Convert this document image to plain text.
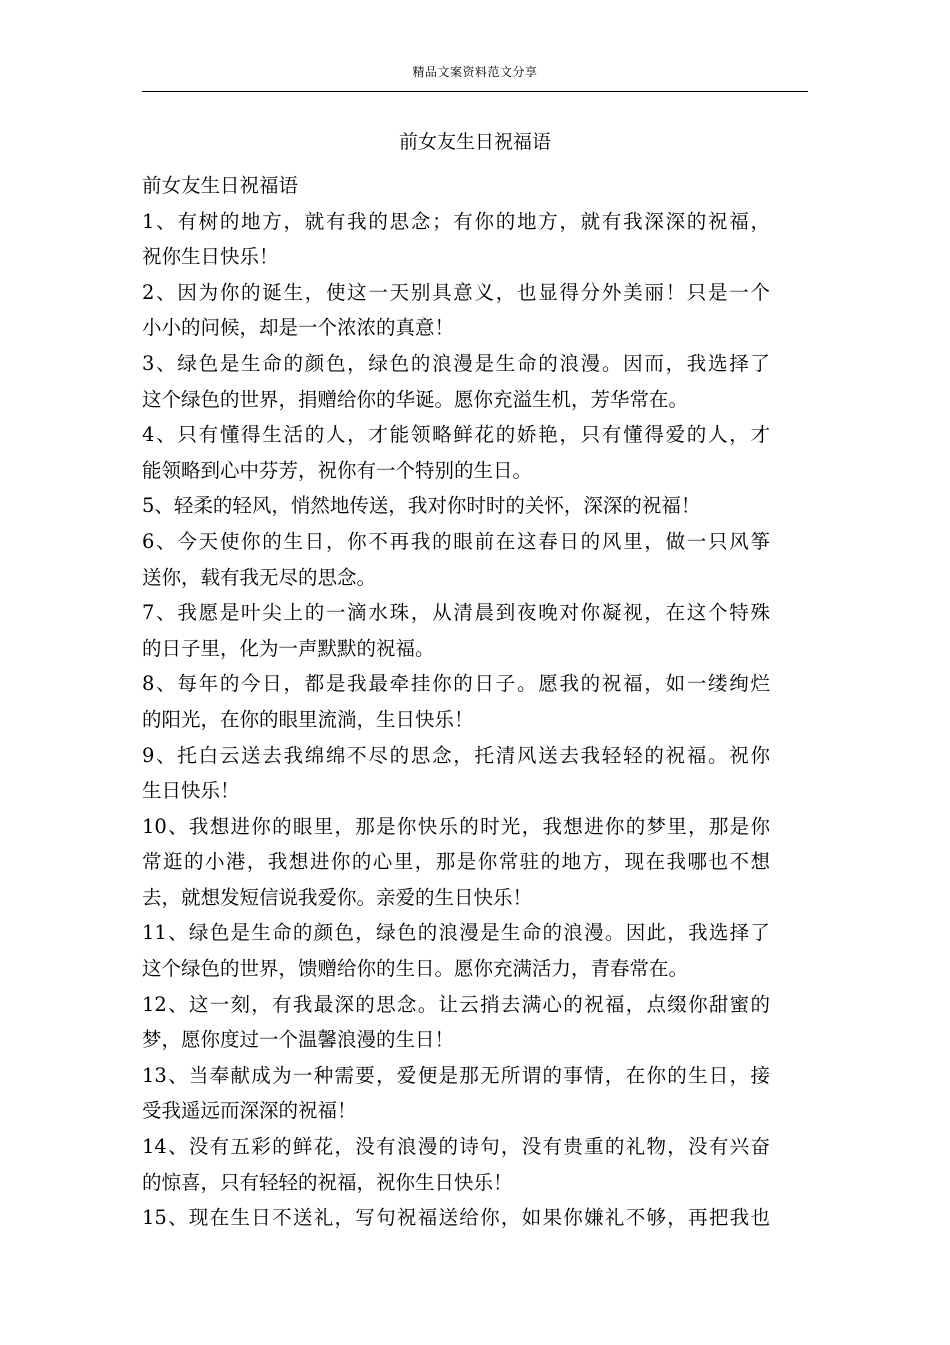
精品文案资料范文分享
前女友生日祝福语
前女友生日祝福语
1、有树的地方，就有我的思念；有你的地方，就有我深深的祝福，
祝你生日快乐！
2、因为你的诞生，使这一天别具意义，也显得分外美丽！只是一个
小小的问候，却是一个浓浓的真意！
3、绿色是生命的颜色，绿色的浪漫是生命的浪漫。因而，我选择了
这个绿色的世界，捐赠给你的华诞。愿你充溢生机，芳华常在。
4、只有懂得生活的人，才能领略鲜花的娇艳，只有懂得爱的人，才
能领略到心中芬芳，祝你有一个特别的生日。
5、轻柔的轻风，悄然地传送，我对你时时的关怀，深深的祝福！
6、今天使你的生日，你不再我的眼前在这春日的风里，做一只风筝
送你，载有我无尽的思念。
7、我愿是叶尖上的一滴水珠，从清晨到夜晚对你凝视，在这个特殊
的日子里，化为一声默默的祝福。
8、每年的今日，都是我最牵挂你的日子。愿我的祝福，如一缕绚烂
的阳光，在你的眼里流淌，生日快乐！
9、托白云送去我绵绵不尽的思念，托清风送去我轻轻的祝福。祝你
生日快乐！
10、我想进你的眼里，那是你快乐的时光，我想进你的梦里，那是你
常逛的小港，我想进你的心里，那是你常驻的地方，现在我哪也不想
去，就想发短信说我爱你。亲爱的生日快乐！
11、绿色是生命的颜色，绿色的浪漫是生命的浪漫。因此，我选择了
这个绿色的世界，馈赠给你的生日。愿你充满活力，青春常在。
12、这一刻，有我最深的思念。让云捎去满心的祝福，点缀你甜蜜的
梦，愿你度过一个温馨浪漫的生日！
13、当奉献成为一种需要，爱便是那无所谓的事情，在你的生日，接
受我遥远而深深的祝福！
14、没有五彩的鲜花，没有浪漫的诗句，没有贵重的礼物，没有兴奋
的惊喜，只有轻轻的祝福，祝你生日快乐！
15、现在生日不送礼，写句祝福送给你，如果你嫌礼不够，再把我也
